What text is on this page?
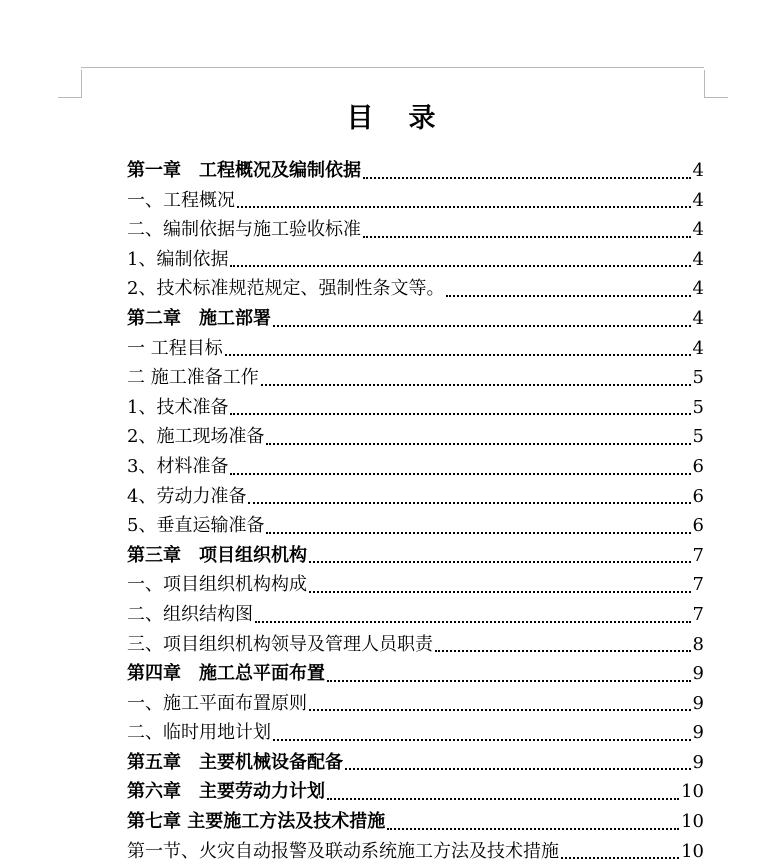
目　录
第一章　工程概况及编制依据	4
一、工程概况	4
二、编制依据与施工验收标准	4
1、编制依据	4
2、技术标准规范规定、强制性条文等。	4
第二章　施工部署	4
一 工程目标	4
二 施工准备工作	5
1、技术准备	5
2、施工现场准备	5
3、材料准备	6
4、劳动力准备	6
5、垂直运输准备	6
第三章　项目组织机构	7
一、项目组织机构构成	7
二、组织结构图	7
三、项目组织机构领导及管理人员职责	8
第四章　施工总平面布置	9
一、施工平面布置原则	9
二、临时用地计划	9
第五章　主要机械设备配备	9
第六章　主要劳动力计划	10
第七章 主要施工方法及技术措施	10
第一节、火灾自动报警及联动系统施工方法及技术措施	10
